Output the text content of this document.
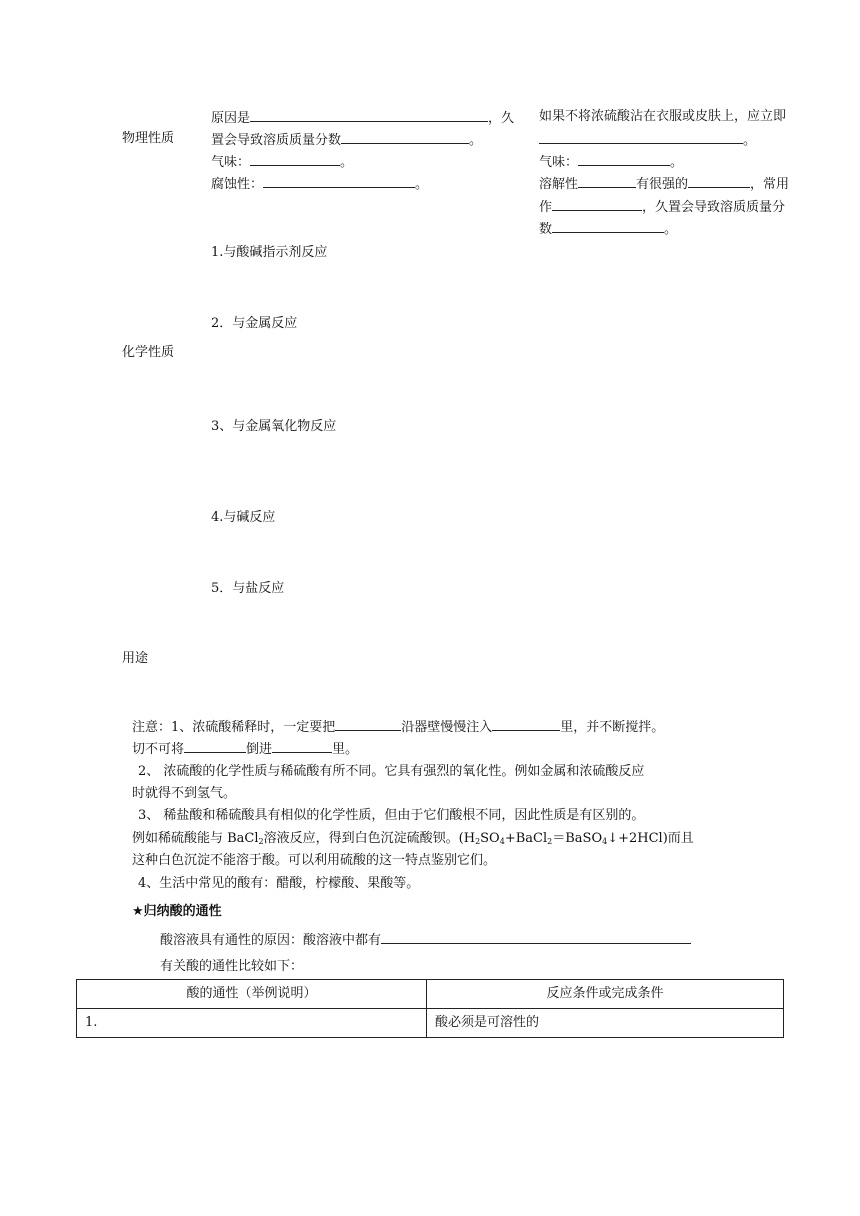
物理性质
原因是	，久
置会导致溶质质量分数	。
气味：	。
腐蚀性：	。
如果不将浓硫酸沾在衣服或皮肤上，应立即
。
气味：	。
溶解性	有很强的	，常用
作	，久置会导致溶质质量分
数	。
化学性质
1.与酸碱指示剂反应
2．与金属反应
3、与金属氧化物反应
4.与碱反应
5．与盐反应
用途
注意：1、浓硫酸稀释时，一定要把	沿器壁慢慢注入	里，并不断搅拌。
切不可将	倒进	里。
2、 浓硫酸的化学性质与稀硫酸有所不同。它具有强烈的氧化性。例如金属和浓硫酸反应
时就得不到氢气。
3、 稀盐酸和稀硫酸具有相似的化学性质，但由于它们酸根不同，因此性质是有区别的。
例如稀硫酸能与 BaCl$_2$溶液反应，得到白色沉淀硫酸钡。$(H_2SO_4+BaCl_2=BaSO_4↓+2HCl)$而且
这种白色沉淀不能溶于酸。可以利用硫酸的这一特点鉴别它们。
4、生活中常见的酸有：醋酸，柠檬酸、果酸等。
★归纳酸的通性
酸溶液具有通性的原因：酸溶液中都有
有关酸的通性比较如下：
酸的通性（举例说明）	反应条件或完成条件
1.	酸必须是可溶性的
